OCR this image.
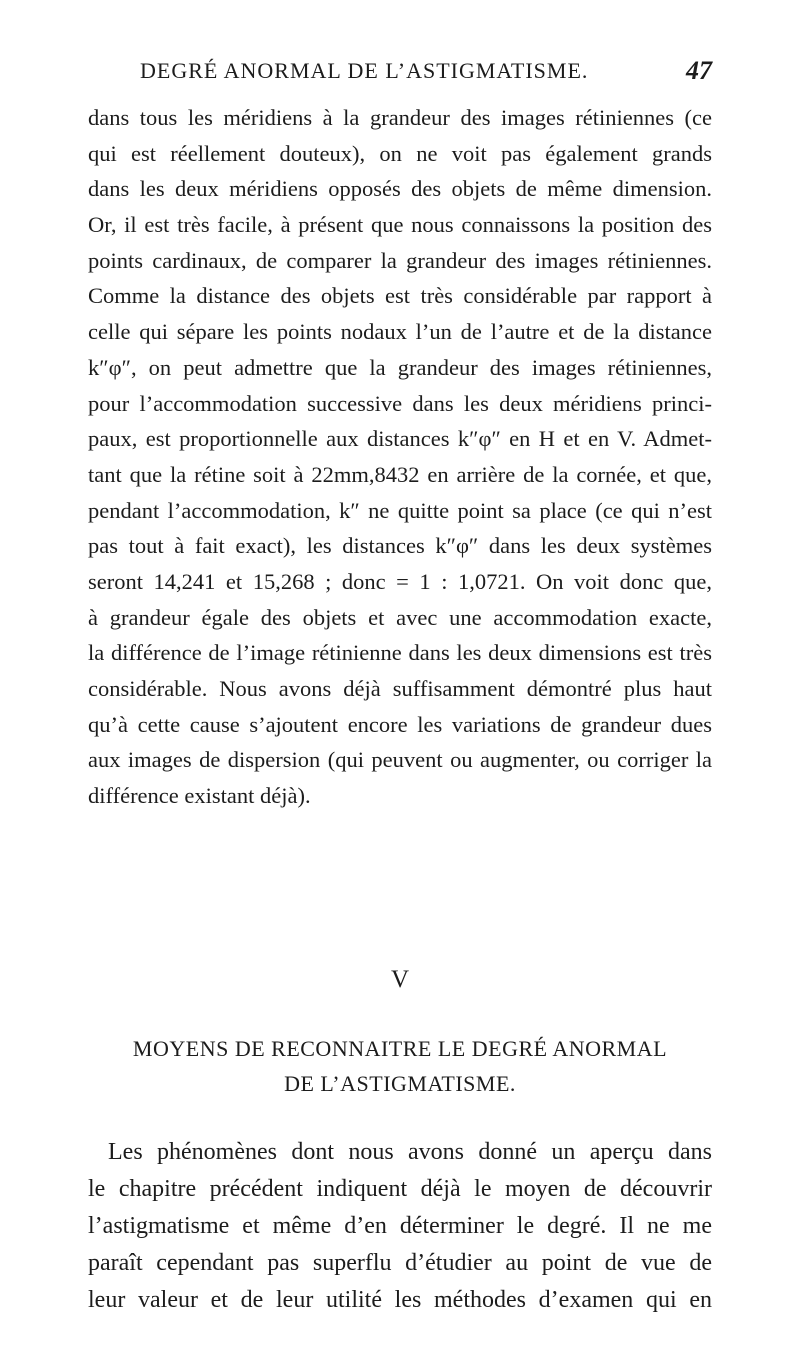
DEGRÉ ANORMAL DE L’ASTIGMATISME.	47
dans tous les méridiens à la grandeur des images rétiniennes (ce
qui est réellement douteux), on ne voit pas également grands
dans les deux méridiens opposés des objets de même dimension.
Or, il est très facile, à présent que nous connaissons la position des
points cardinaux, de comparer la grandeur des images rétiniennes.
Comme la distance des objets est très considérable par rapport à
celle qui sépare les points nodaux l’un de l’autre et de la distance
k″φ″, on peut admettre que la grandeur des images rétiniennes,
pour l’accommodation successive dans les deux méridiens princi-
paux, est proportionnelle aux distances k″φ″ en H et en V. Admet-
tant que la rétine soit à 22mm,8432 en arrière de la cornée, et que,
pendant l’accommodation, k″ ne quitte point sa place (ce qui n’est
pas tout à fait exact), les distances k″φ″ dans les deux systèmes
seront 14,241 et 15,268 ; donc = 1 : 1,0721. On voit donc que,
à grandeur égale des objets et avec une accommodation exacte,
la différence de l’image rétinienne dans les deux dimensions est très
considérable. Nous avons déjà suffisamment démontré plus haut
qu’à cette cause s’ajoutent encore les variations de grandeur dues
aux images de dispersion (qui peuvent ou augmenter, ou corriger la
différence existant déjà).
V
MOYENS DE RECONNAITRE LE DEGRÉ ANORMAL
DE L’ASTIGMATISME.
Les phénomènes dont nous avons donné un aperçu dans
le chapitre précédent indiquent déjà le moyen de découvrir
l’astigmatisme et même d’en déterminer le degré. Il ne me
paraît cependant pas superflu d’étudier au point de vue de
leur valeur et de leur utilité les méthodes d’examen qui en
